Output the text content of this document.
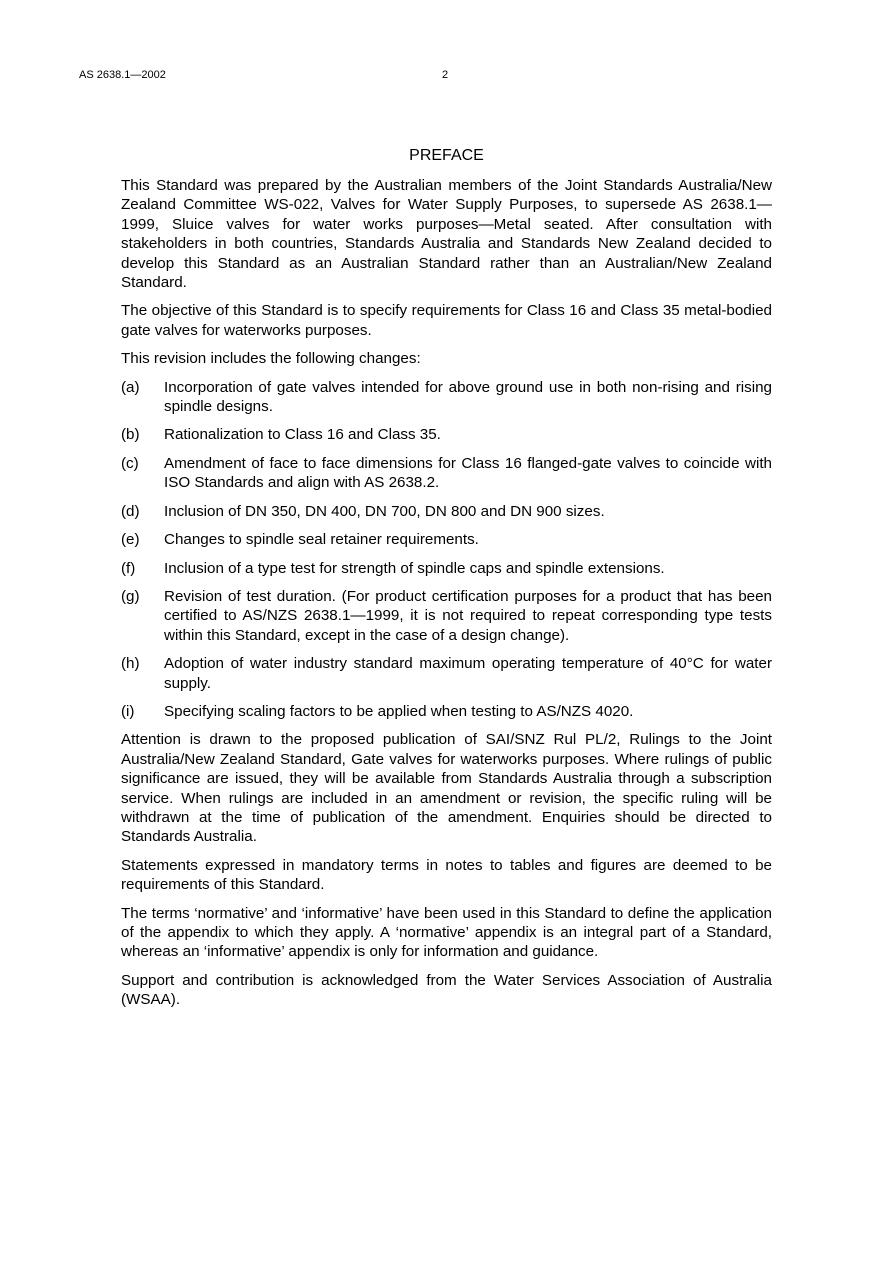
AS 2638.1—2002	2
PREFACE

This Standard was prepared by the Australian members of the Joint Standards Australia/New Zealand Committee WS-022, Valves for Water Supply Purposes, to supersede AS 2638.1—1999, Sluice valves for water works purposes—Metal seated. After consultation with stakeholders in both countries, Standards Australia and Standards New Zealand decided to develop this Standard as an Australian Standard rather than an Australian/New Zealand Standard.

The objective of this Standard is to specify requirements for Class 16 and Class 35 metal-bodied gate valves for waterworks purposes.

This revision includes the following changes:

(a)	Incorporation of gate valves intended for above ground use in both non-rising and rising spindle designs.
(b)	Rationalization to Class 16 and Class 35.
(c)	Amendment of face to face dimensions for Class 16 flanged-gate valves to coincide with ISO Standards and align with AS 2638.2.
(d)	Inclusion of DN 350, DN 400, DN 700, DN 800 and DN 900 sizes.
(e)	Changes to spindle seal retainer requirements.
(f)	Inclusion of a type test for strength of spindle caps and spindle extensions.
(g)	Revision of test duration. (For product certification purposes for a product that has been certified to AS/NZS 2638.1—1999, it is not required to repeat corresponding type tests within this Standard, except in the case of a design change).
(h)	Adoption of water industry standard maximum operating temperature of 40°C for water supply.
(i)	Specifying scaling factors to be applied when testing to AS/NZS 4020.

Attention is drawn to the proposed publication of SAI/SNZ Rul PL/2, Rulings to the Joint Australia/New Zealand Standard, Gate valves for waterworks purposes. Where rulings of public significance are issued, they will be available from Standards Australia through a subscription service. When rulings are included in an amendment or revision, the specific ruling will be withdrawn at the time of publication of the amendment. Enquiries should be directed to Standards Australia.

Statements expressed in mandatory terms in notes to tables and figures are deemed to be requirements of this Standard.

The terms ‘normative’ and ‘informative’ have been used in this Standard to define the application of the appendix to which they apply. A ‘normative’ appendix is an integral part of a Standard, whereas an ‘informative’ appendix is only for information and guidance.

Support and contribution is acknowledged from the Water Services Association of Australia (WSAA).
